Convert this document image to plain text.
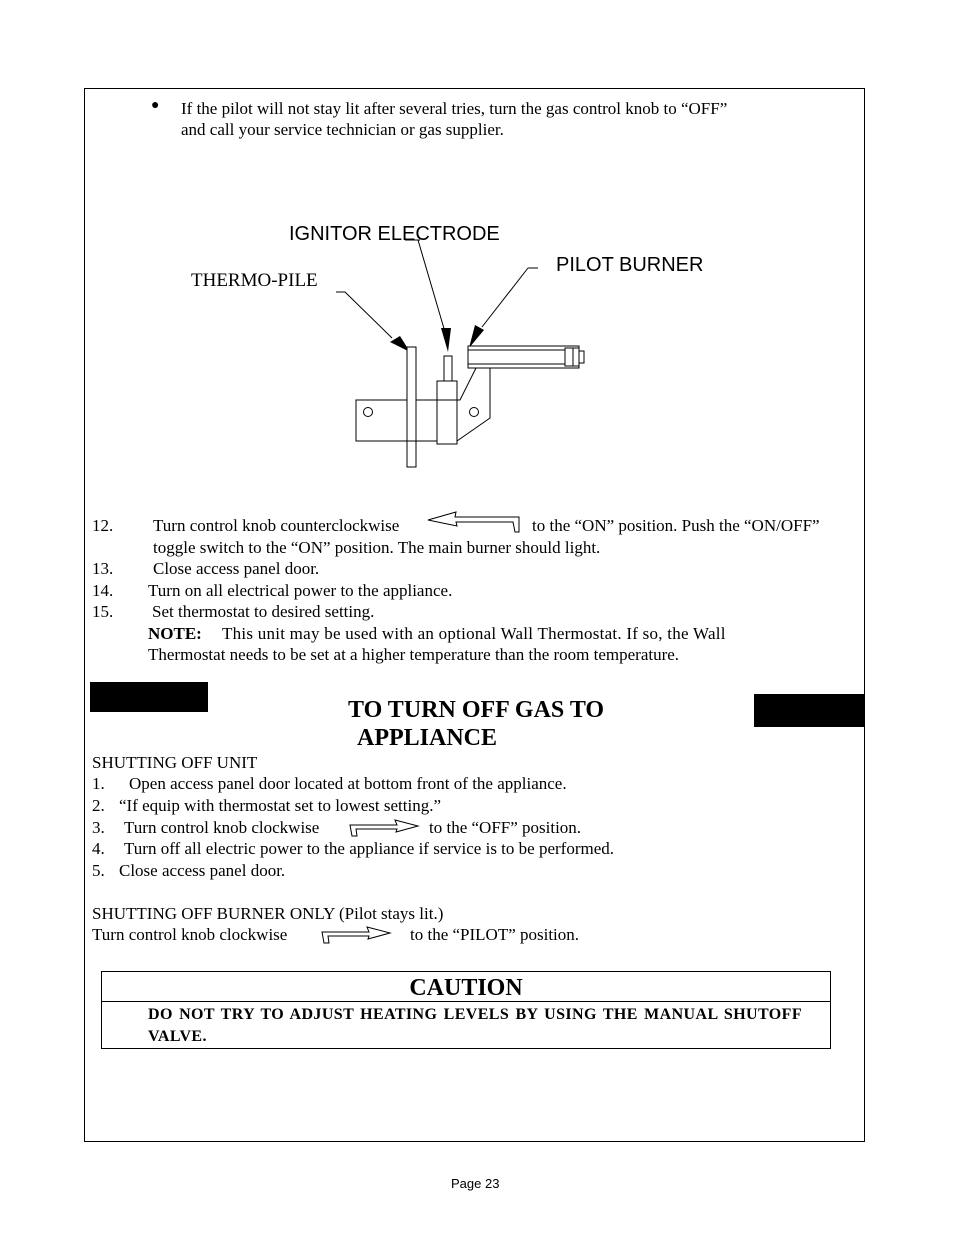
● If the pilot will not stay lit after several tries, turn the gas control knob to “OFF”
and call your service technician or gas supplier.
IGNITOR ELECTRODE
PILOT BURNER
THERMO-PILE
12. Turn control knob counterclockwise	to the “ON” position. Push the “ON/OFF”
toggle switch to the “ON” position. The main burner should light.
13. Close access panel door.
14. Turn on all electrical power to the appliance.
15. Set thermostat to desired setting.
NOTE: This unit may be used with an optional Wall Thermostat. If so, the Wall
Thermostat needs to be set at a higher temperature than the room temperature.
TO TURN OFF GAS TO
APPLIANCE
SHUTTING OFF UNIT
1. Open access panel door located at bottom front of the appliance.
2. “If equip with thermostat set to lowest setting.”
3. Turn control knob clockwise	to the “OFF” position.
4. Turn off all electric power to the appliance if service is to be performed.
5. Close access panel door.
SHUTTING OFF BURNER ONLY (Pilot stays lit.)
Turn control knob clockwise	to the “PILOT” position.
CAUTION
DO NOT TRY TO ADJUST HEATING LEVELS BY USING THE MANUAL SHUTOFF VALVE.
Page 23
